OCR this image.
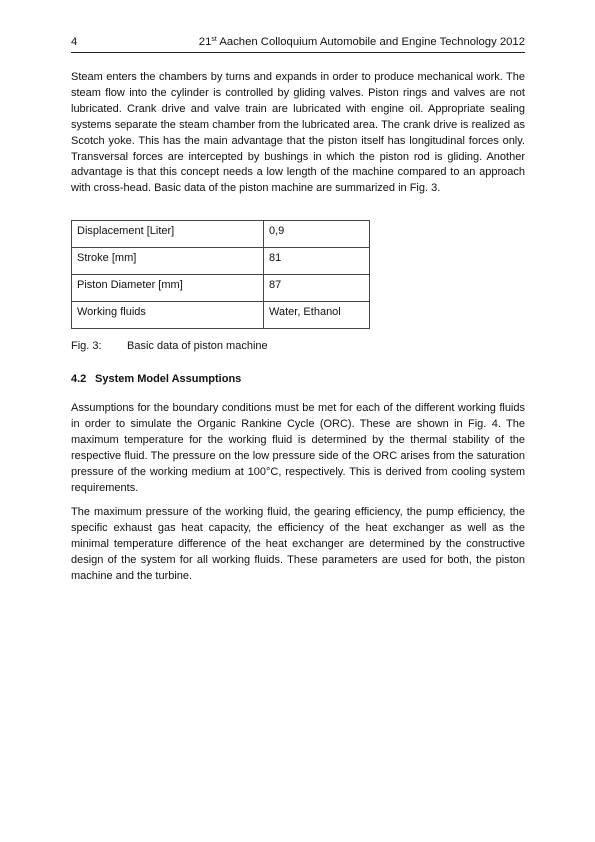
4	21st Aachen Colloquium Automobile and Engine Technology 2012

Steam enters the chambers by turns and expands in order to produce mechanical work. The steam flow into the cylinder is controlled by gliding valves. Piston rings and valves are not lubricated. Crank drive and valve train are lubricated with engine oil. Appropriate sealing systems separate the steam chamber from the lubricated area. The crank drive is realized as Scotch yoke. This has the main advantage that the piston itself has longitudinal forces only. Transversal forces are intercepted by bushings in which the piston rod is gliding. Another advantage is that this concept needs a low length of the machine compared to an approach with cross-head. Basic data of the piston machine are summarized in Fig. 3.

Displacement [Liter]	0,9
Stroke [mm]	81
Piston Diameter [mm]	87
Working fluids	Water, Ethanol
Fig. 3: Basic data of piston machine
4.2 System Model Assumptions

Assumptions for the boundary conditions must be met for each of the different working fluids in order to simulate the Organic Rankine Cycle (ORC). These are shown in Fig. 4. The maximum temperature for the working fluid is determined by the thermal stability of the respective fluid. The pressure on the low pressure side of the ORC arises from the saturation pressure of the working medium at 100°C, respectively. This is derived from cooling system requirements.

The maximum pressure of the working fluid, the gearing efficiency, the pump efficiency, the specific exhaust gas heat capacity, the efficiency of the heat exchanger as well as the minimal temperature difference of the heat exchanger are determined by the constructive design of the system for all working fluids. These parameters are used for both, the piston machine and the turbine.
